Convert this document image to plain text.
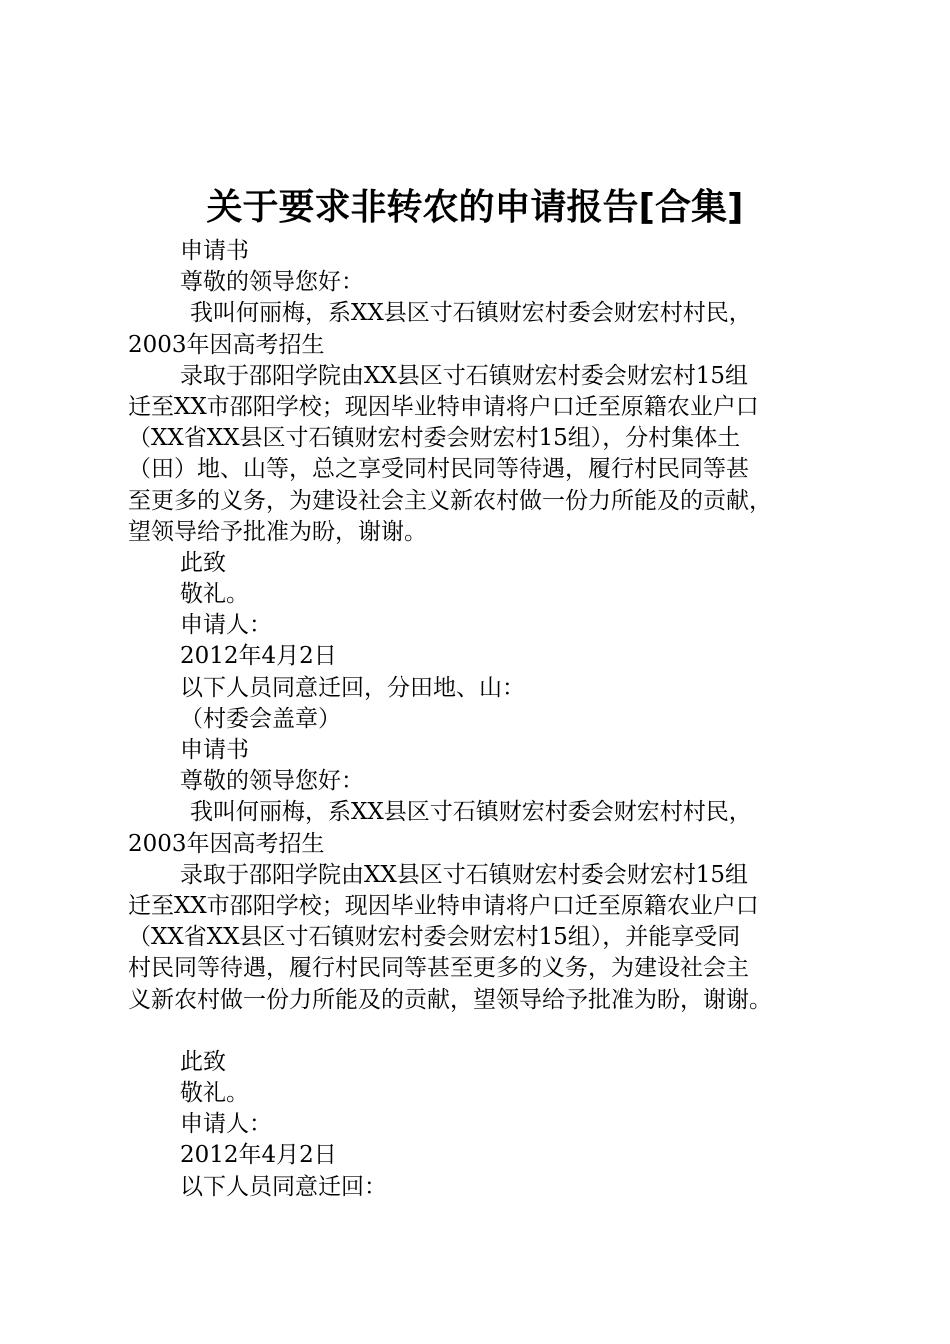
关于要求非转农的申请报告[合集]
申请书
尊敬的领导您好：
我叫何丽梅，系XX县区寸石镇财宏村委会财宏村村民，
2003年因高考招生
录取于邵阳学院由XX县区寸石镇财宏村委会财宏村15组
迁至XX市邵阳学校；现因毕业特申请将户口迁至原籍农业户口
（XX省XX县区寸石镇财宏村委会财宏村15组），分村集体土
（田）地、山等，总之享受同村民同等待遇，履行村民同等甚
至更多的义务，为建设社会主义新农村做一份力所能及的贡献，
望领导给予批准为盼，谢谢。
此致
敬礼。
申请人：
2012年4月2日
以下人员同意迁回，分田地、山：
（村委会盖章）
申请书
尊敬的领导您好：
我叫何丽梅，系XX县区寸石镇财宏村委会财宏村村民，
2003年因高考招生
录取于邵阳学院由XX县区寸石镇财宏村委会财宏村15组
迁至XX市邵阳学校；现因毕业特申请将户口迁至原籍农业户口
（XX省XX县区寸石镇财宏村委会财宏村15组），并能享受同
村民同等待遇，履行村民同等甚至更多的义务，为建设社会主
义新农村做一份力所能及的贡献，望领导给予批准为盼，谢谢。
此致
敬礼。
申请人：
2012年4月2日
以下人员同意迁回：
